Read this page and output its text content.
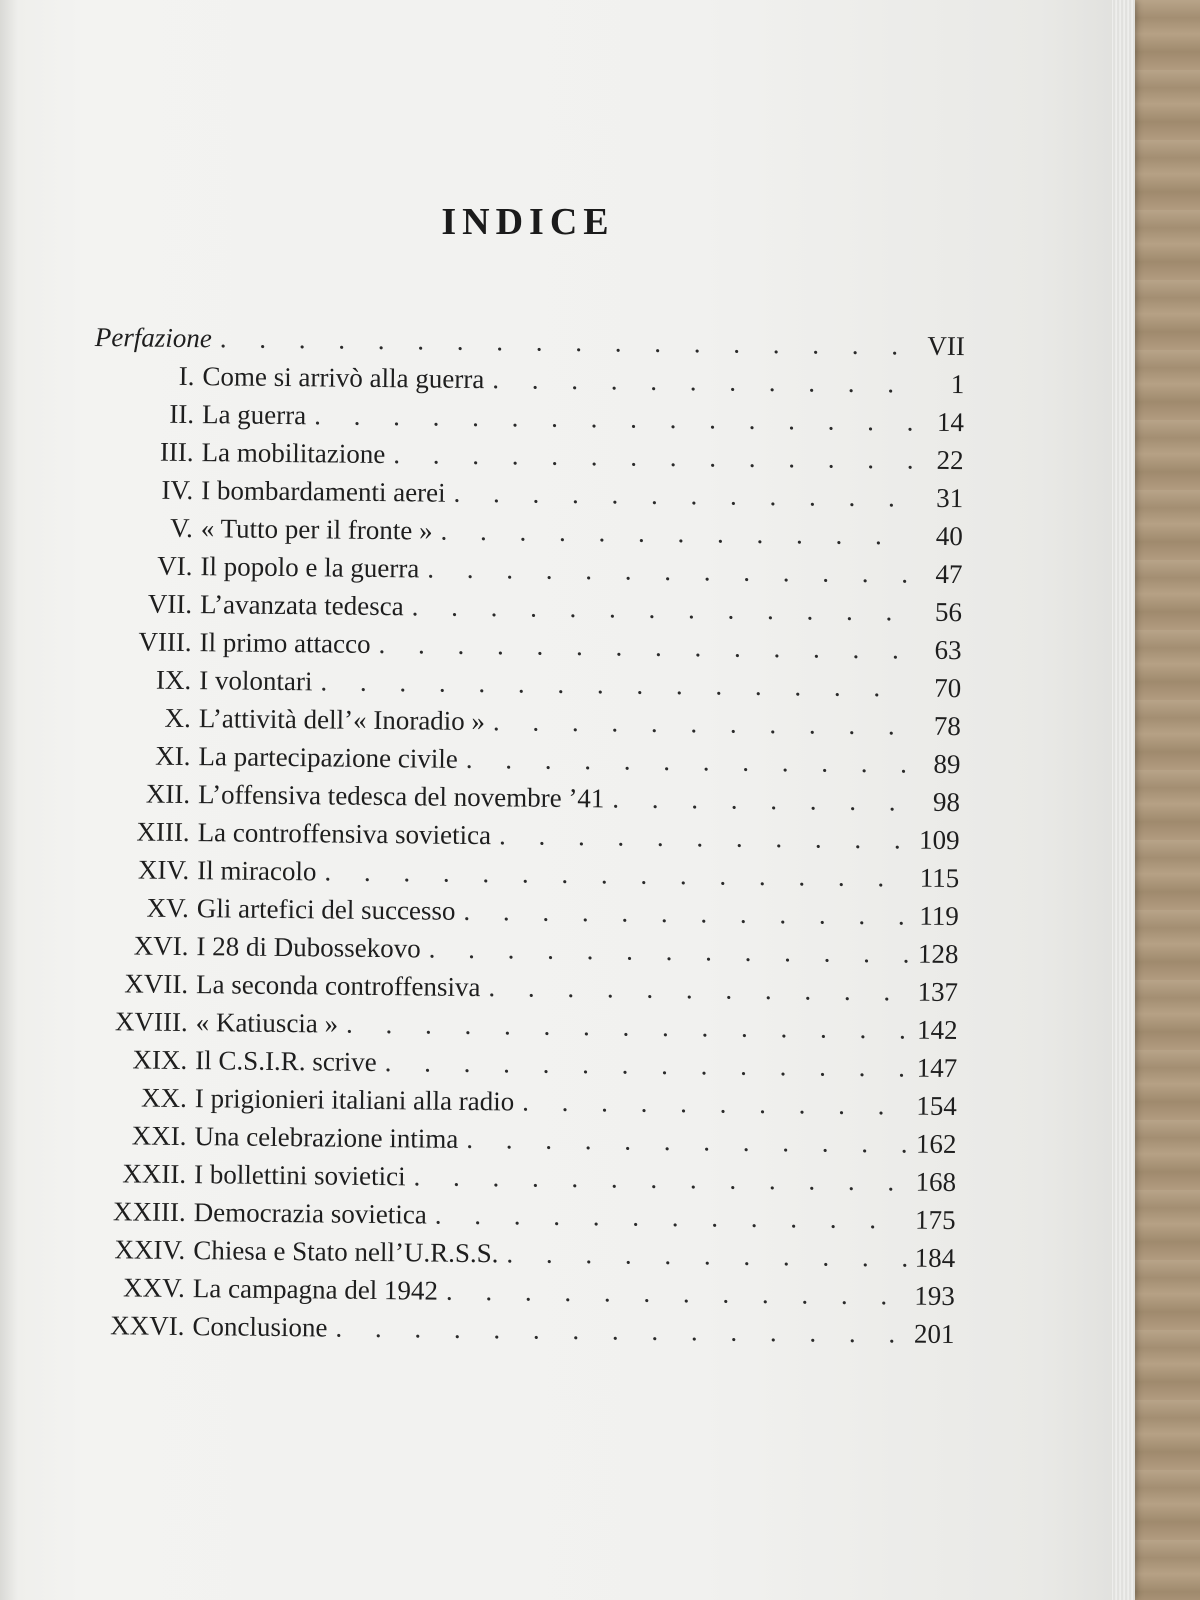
INDICE
Perfazione . . .	VII
I. Come si arrivò alla guerra . . .	1
II. La guerra . . .	14
III. La mobilitazione . . .	22
IV. I bombardamenti aerei . . .	31
V. « Tutto per il fronte » . . .	40
VI. Il popolo e la guerra . . .	47
VII. L’avanzata tedesca . . .	56
VIII. Il primo attacco . . .	63
IX. I volontari . . .	70
X. L’attività dell’« Inoradio » . . .	78
XI. La partecipazione civile . . .	89
XII. L’offensiva tedesca del novembre ’41 . . .	98
XIII. La controffensiva sovietica . . .	109
XIV. Il miracolo . . .	115
XV. Gli artefici del successo . . .	119
XVI. I 28 di Dubossekovo . . .	128
XVII. La seconda controffensiva . . .	137
XVIII. « Katiuscia » . . .	142
XIX. Il C.S.I.R. scrive . . .	147
XX. I prigionieri italiani alla radio . . .	154
XXI. Una celebrazione intima . . .	162
XXII. I bollettini sovietici . . .	168
XXIII. Democrazia sovietica . . .	175
XXIV. Chiesa e Stato nell’U.R.S.S. . . .	184
XXV. La campagna del 1942 . . .	193
XXVI. Conclusione . . .	201
